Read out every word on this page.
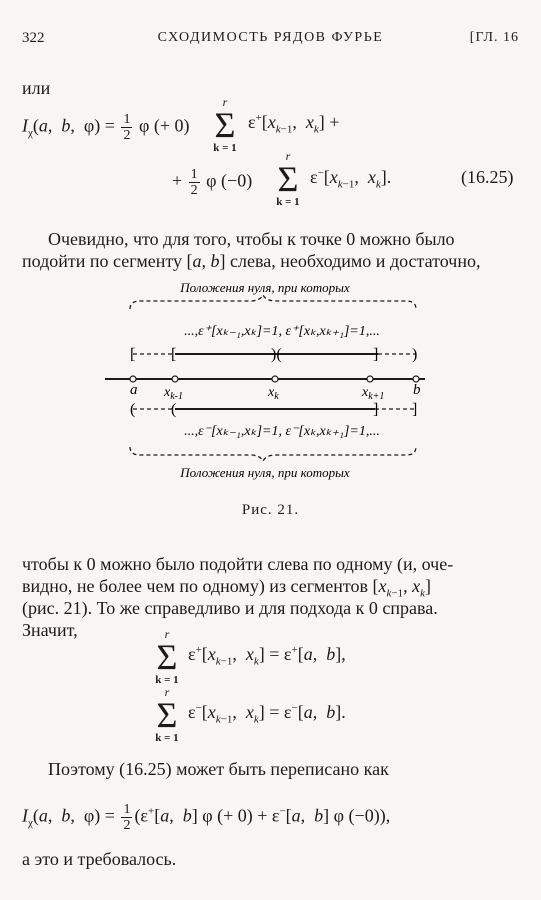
322	СХОДИМОСТЬ РЯДОВ ФУРЬЕ	[ГЛ. 16
или
$I_\chi(a$,  b,  $\varphi) = \frac{1}{2}$ φ (+ 0)
r
Σ
k = 1
$\varepsilon^+[x_{k-1}$,  $x_k$] +
+ $\frac{1}{2}$ φ (−0)
r
Σ
k = 1
$\varepsilon^-[x_{k-1}$,  $x_k$].	(16.25)
Очевидно, что для того, чтобы к точке 0 можно было
подойти по сегменту [a, b] слева, необходимо и достаточно,
Положения нуля, при которых
...,ε⁺[xₖ₋₁,xₖ]=1, ε⁺[xₖ,xₖ₊₁]=1,...
[ [	)(	] )
a $x_{k-1}$	$x_k$	$x_{k+1}$ b
( (	] ]
...,ε⁻[xₖ₋₁,xₖ]=1, ε⁻[xₖ,xₖ₊₁]=1,...
Положения нуля, при которых
Рис. 21.
чтобы к 0 можно было подойти слева по одному (и, оче-
видно, не более чем по одному) из сегментов [$x_{k-1}$, $x_k$]
(рис. 21). То же справедливо и для подхода к 0 справа.
Значит,	r
Σ
k = 1
$\varepsilon^+[x_{k-1}$,  $x_k] = \varepsilon^+[a$,  b],
r
Σ
k = 1
$\varepsilon^-[x_{k-1}$,  $x_k] = \varepsilon^-[a$,  b].
Поэтому (16.25) может быть переписано как
$I_\chi(a$,  b,  $\varphi) = \frac{1}{2} (\varepsilon^+[a$,  b] φ (+ 0) + ε−[a,  b] φ (−0)),
а это и требовалось.
